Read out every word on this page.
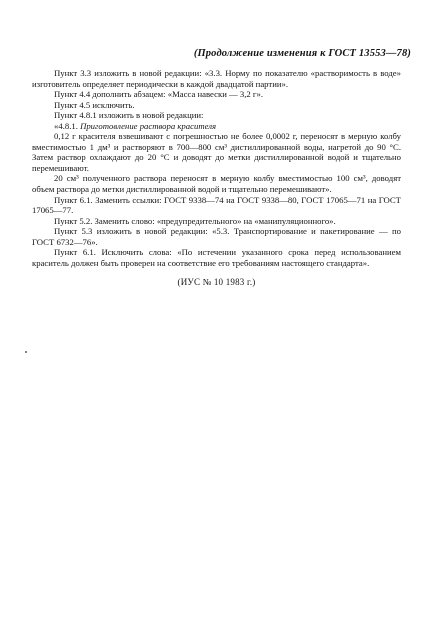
(Продолжение изменения к ГОСТ 13553—78)

Пункт 3.3 изложить в новой редакции: «3.3. Норму по показателю «растворимость в воде» изготовитель определяет периодически в каждой двадцатой партии».

Пункт 4.4 дополнить абзацем: «Масса навески — 3,2 г».

Пункт 4.5 исключить.

Пункт 4.8.1 изложить в новой редакции:

«4.8.1. Приготовление раствора красителя

0,12 г красителя взвешивают с погрешностью не более 0,0002 г, переносят в мерную колбу вместимостью 1 дм³ и растворяют в 700—800 см³ дистиллированной воды, нагретой до 90 °С. Затем раствор охлаждают до 20 °С и доводят до метки дистиллированной водой и тщательно перемешивают.

20 см³ полученного раствора переносят в мерную колбу вместимостью 100 см³, доводят объем раствора до метки дистиллированной водой и тщательно перемешивают».

Пункт 6.1. Заменить ссылки: ГОСТ 9338—74 на ГОСТ 9338—80, ГОСТ 17065—71 на ГОСТ 17065—77.

Пункт 5.2. Заменить слово: «предупредительного» на «манипуляционного».

Пункт 5.3 изложить в новой редакции: «5.3. Транспортирование и пакетирование — по ГОСТ 6732—76».

Пункт 6.1. Исключить слова: «По истечении указанного срока перед использованием краситель должен быть проверен на соответствие его требованиям настоящего стандарта».

(ИУС № 10 1983 г.)
